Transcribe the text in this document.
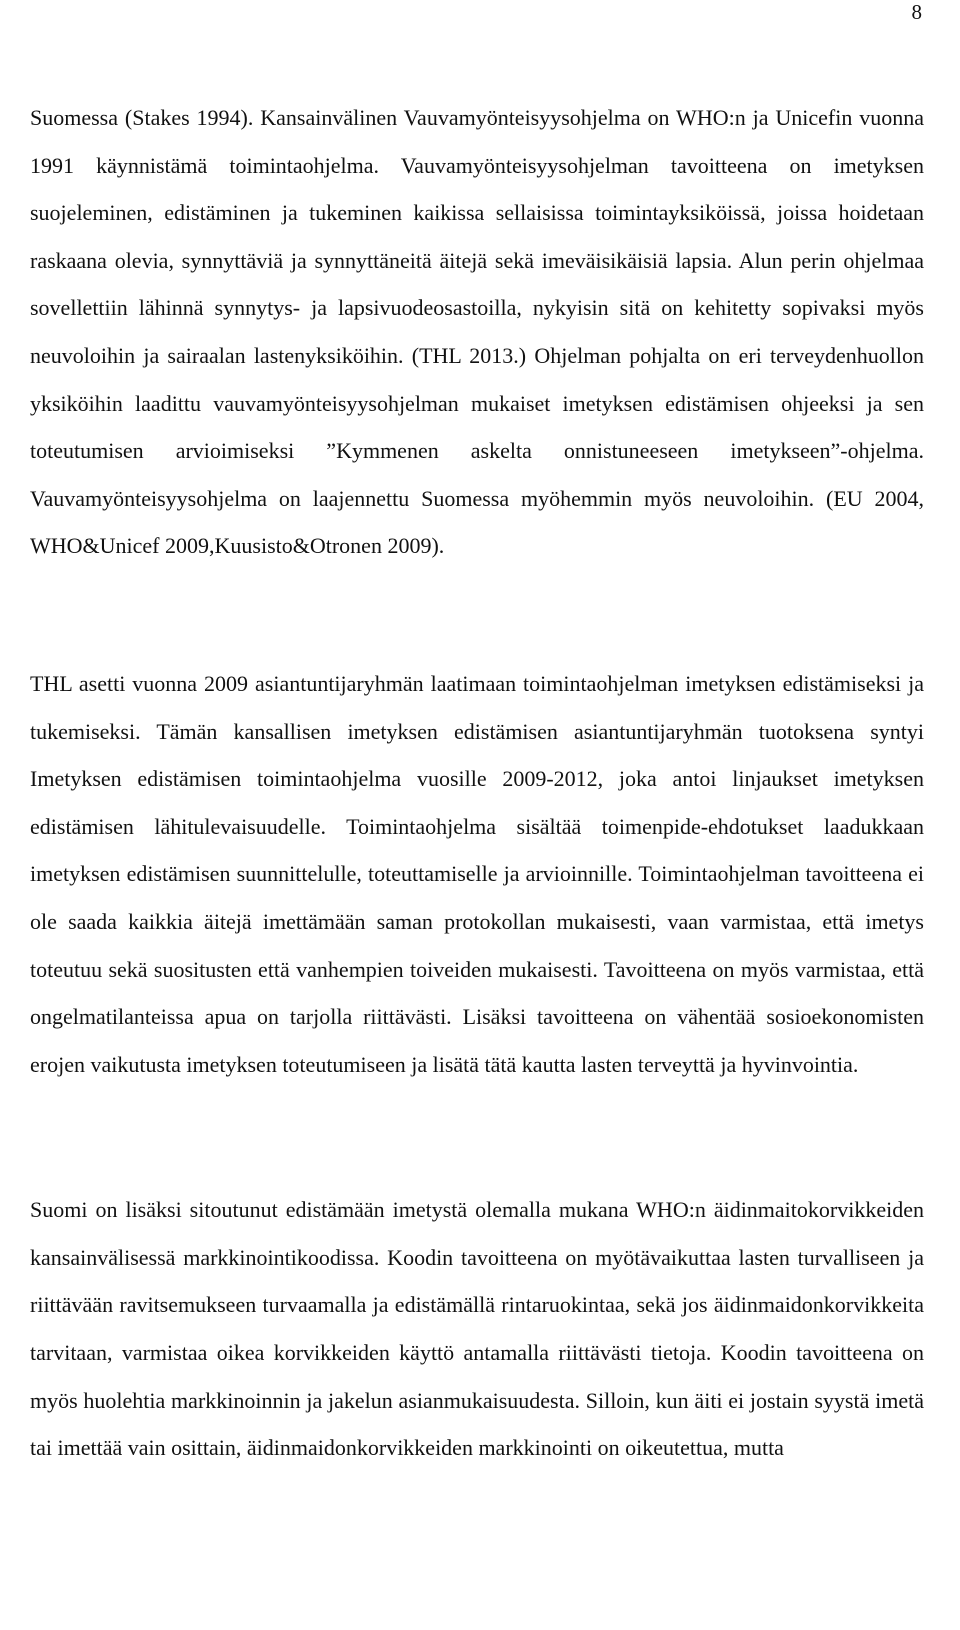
8

Suomessa (Stakes 1994). Kansainvälinen Vauvamyönteisyysohjelma on WHO:n ja Unicefin vuonna 1991 käynnistämä toimintaohjelma. Vauvamyönteisyysohjelman tavoitteena on imetyksen suojeleminen, edistäminen ja tukeminen kaikissa sellaisissa toimintayksiköissä, joissa hoidetaan raskaana olevia, synnyttäviä ja synnyttäneitä äitejä sekä imeväisikäisiä lapsia. Alun perin ohjelmaa sovellettiin lähinnä synnytys- ja lapsivuodeosastoilla, nykyisin sitä on kehitetty sopivaksi myös neuvoloihin ja sairaalan lastenyksiköihin. (THL 2013.) Ohjelman pohjalta on eri terveydenhuollon yksiköihin laadittu vauvamyönteisyysohjelman mukaiset imetyksen edistämisen ohjeeksi ja sen toteutumisen arvioimiseksi ”Kymmenen askelta onnistuneeseen imetykseen”-ohjelma. Vauvamyönteisyysohjelma on laajennettu Suomessa myöhemmin myös neuvoloihin. (EU 2004, WHO&Unicef 2009,Kuusisto&Otronen 2009).

THL asetti vuonna 2009 asiantuntijaryhmän laatimaan toimintaohjelman imetyksen edistämiseksi ja tukemiseksi. Tämän kansallisen imetyksen edistämisen asiantuntijaryhmän tuotoksena syntyi Imetyksen edistämisen toimintaohjelma vuosille 2009-2012, joka antoi linjaukset imetyksen edistämisen lähitulevaisuudelle. Toimintaohjelma sisältää toimenpide-ehdotukset laadukkaan imetyksen edistämisen suunnittelulle, toteuttamiselle ja arvioinnille. Toimintaohjelman tavoitteena ei ole saada kaikkia äitejä imettämään saman protokollan mukaisesti, vaan varmistaa, että imetys toteutuu sekä suositusten että vanhempien toiveiden mukaisesti. Tavoitteena on myös varmistaa, että ongelmatilanteissa apua on tarjolla riittävästi. Lisäksi tavoitteena on vähentää sosioekonomisten erojen vaikutusta imetyksen toteutumiseen ja lisätä tätä kautta lasten terveyttä ja hyvinvointia.

Suomi on lisäksi sitoutunut edistämään imetystä olemalla mukana WHO:n äidinmaitokorvikkeiden kansainvälisessä markkinointikoodissa. Koodin tavoitteena on myötävaikuttaa lasten turvalliseen ja riittävään ravitsemukseen turvaamalla ja edistämällä rintaruokintaa, sekä jos äidinmaidonkorvikkeita tarvitaan, varmistaa oikea korvikkeiden käyttö antamalla riittävästi tietoja. Koodin tavoitteena on myös huolehtia markkinoinnin ja jakelun asianmukaisuudesta. Silloin, kun äiti ei jostain syystä imetä tai imettää vain osittain, äidinmaidonkorvikkeiden markkinointi on oikeutettua, mutta
